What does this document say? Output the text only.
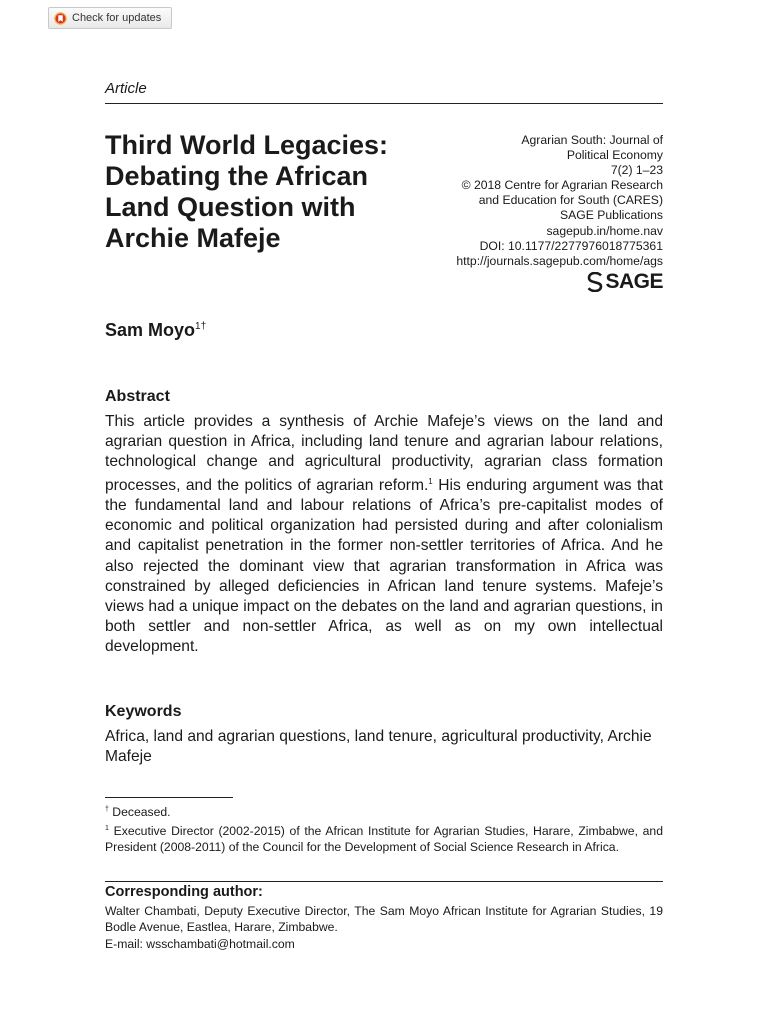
Check for updates
Article
Third World Legacies:
Debating the African
Land Question with
Archie Mafeje
Agrarian South: Journal of
Political Economy
7(2) 1–23
© 2018 Centre for Agrarian Research
and Education for South (CARES)
SAGE Publications
sagepub.in/home.nav
DOI: 10.1177/2277976018775361
http://journals.sagepub.com/home/ags
SAGE
Sam Moyo$^{1\dagger}$
Abstract

This article provides a synthesis of Archie Mafeje’s views on the land and agrarian question in Africa, including land tenure and agrarian labour relations, technological change and agricultural productivity, agrarian class formation processes, and the politics of agrarian reform.$^1$ His enduring argument was that the fundamental land and labour relations of Africa’s pre-capitalist modes of economic and political organization had persisted during and after colonialism and capitalist penetration in the former non-settler territories of Africa. And he also rejected the dominant view that agrarian transformation in Africa was constrained by alleged deficiencies in African land tenure systems. Mafeje’s views had a unique impact on the debates on the land and agrarian questions, in both settler and non-settler Africa, as well as on my own intellectual development.

Keywords

Africa, land and agrarian questions, land tenure, agricultural productivity, Archie Mafeje

† Deceased.

$^1$ Executive Director (2002-2015) of the African Institute for Agrarian Studies, Harare, Zimbabwe, and President (2008-2011) of the Council for the Development of Social Science Research in Africa.

Corresponding author:

Walter Chambati, Deputy Executive Director, The Sam Moyo African Institute for Agrarian Studies, 19 Bodle Avenue, Eastlea, Harare, Zimbabwe.

E-mail: wsschambati@hotmail.com
